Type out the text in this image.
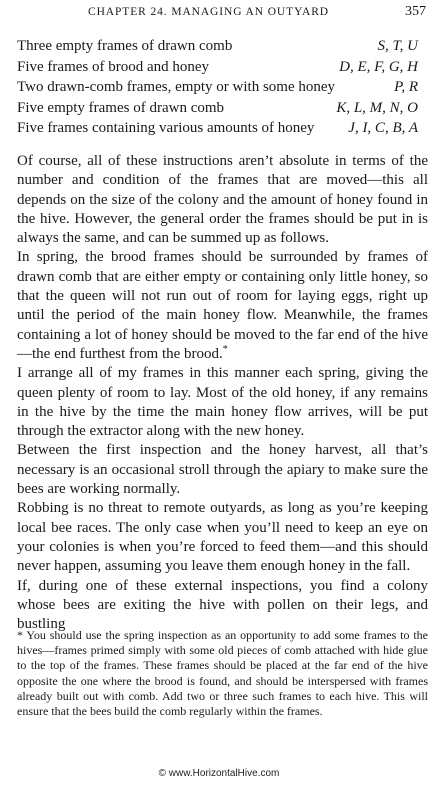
CHAPTER 24. MANAGING AN OUTYARD	357
Three empty frames of drawn comb	S, T, U
Five frames of brood and honey	D, E, F, G, H
Two drawn-comb frames, empty or with some honey	P, R
Five empty frames of drawn comb	K, L, M, N, O
Five frames containing various amounts of honey J, I, C, B, A

Of course, all of these instructions aren’t absolute in terms of the number and condition of the frames that are moved—this all depends on the size of the colony and the amount of honey found in the hive. However, the general order the frames should be put in is always the same, and can be summed up as follows.

In spring, the brood frames should be surrounded by frames of drawn comb that are either empty or containing only little honey, so that the queen will not run out of room for laying eggs, right up until the period of the main honey flow. Meanwhile, the frames containing a lot of honey should be moved to the far end of the hive—the end furthest from the brood.*

I arrange all of my frames in this manner each spring, giving the queen plenty of room to lay. Most of the old honey, if any remains in the hive by the time the main honey flow arrives, will be put through the extractor along with the new honey.

Between the first inspection and the honey harvest, all that’s necessary is an occasional stroll through the apiary to make sure the bees are working normally.

Robbing is no threat to remote outyards, as long as you’re keeping local bee races. The only case when you’ll need to keep an eye on your colonies is when you’re forced to feed them—and this should never happen, assuming you leave them enough honey in the fall.

If, during one of these external inspections, you find a colony whose bees are exiting the hive with pollen on their legs, and bustling

* You should use the spring inspection as an opportunity to add some frames to the hives—frames primed simply with some old pieces of comb attached with hide glue to the top of the frames. These frames should be placed at the far end of the hive opposite the one where the brood is found, and should be interspersed with frames already built out with comb. Add two or three such frames to each hive. This will ensure that the bees build the comb regularly within the frames.

© www.HorizontalHive.com
